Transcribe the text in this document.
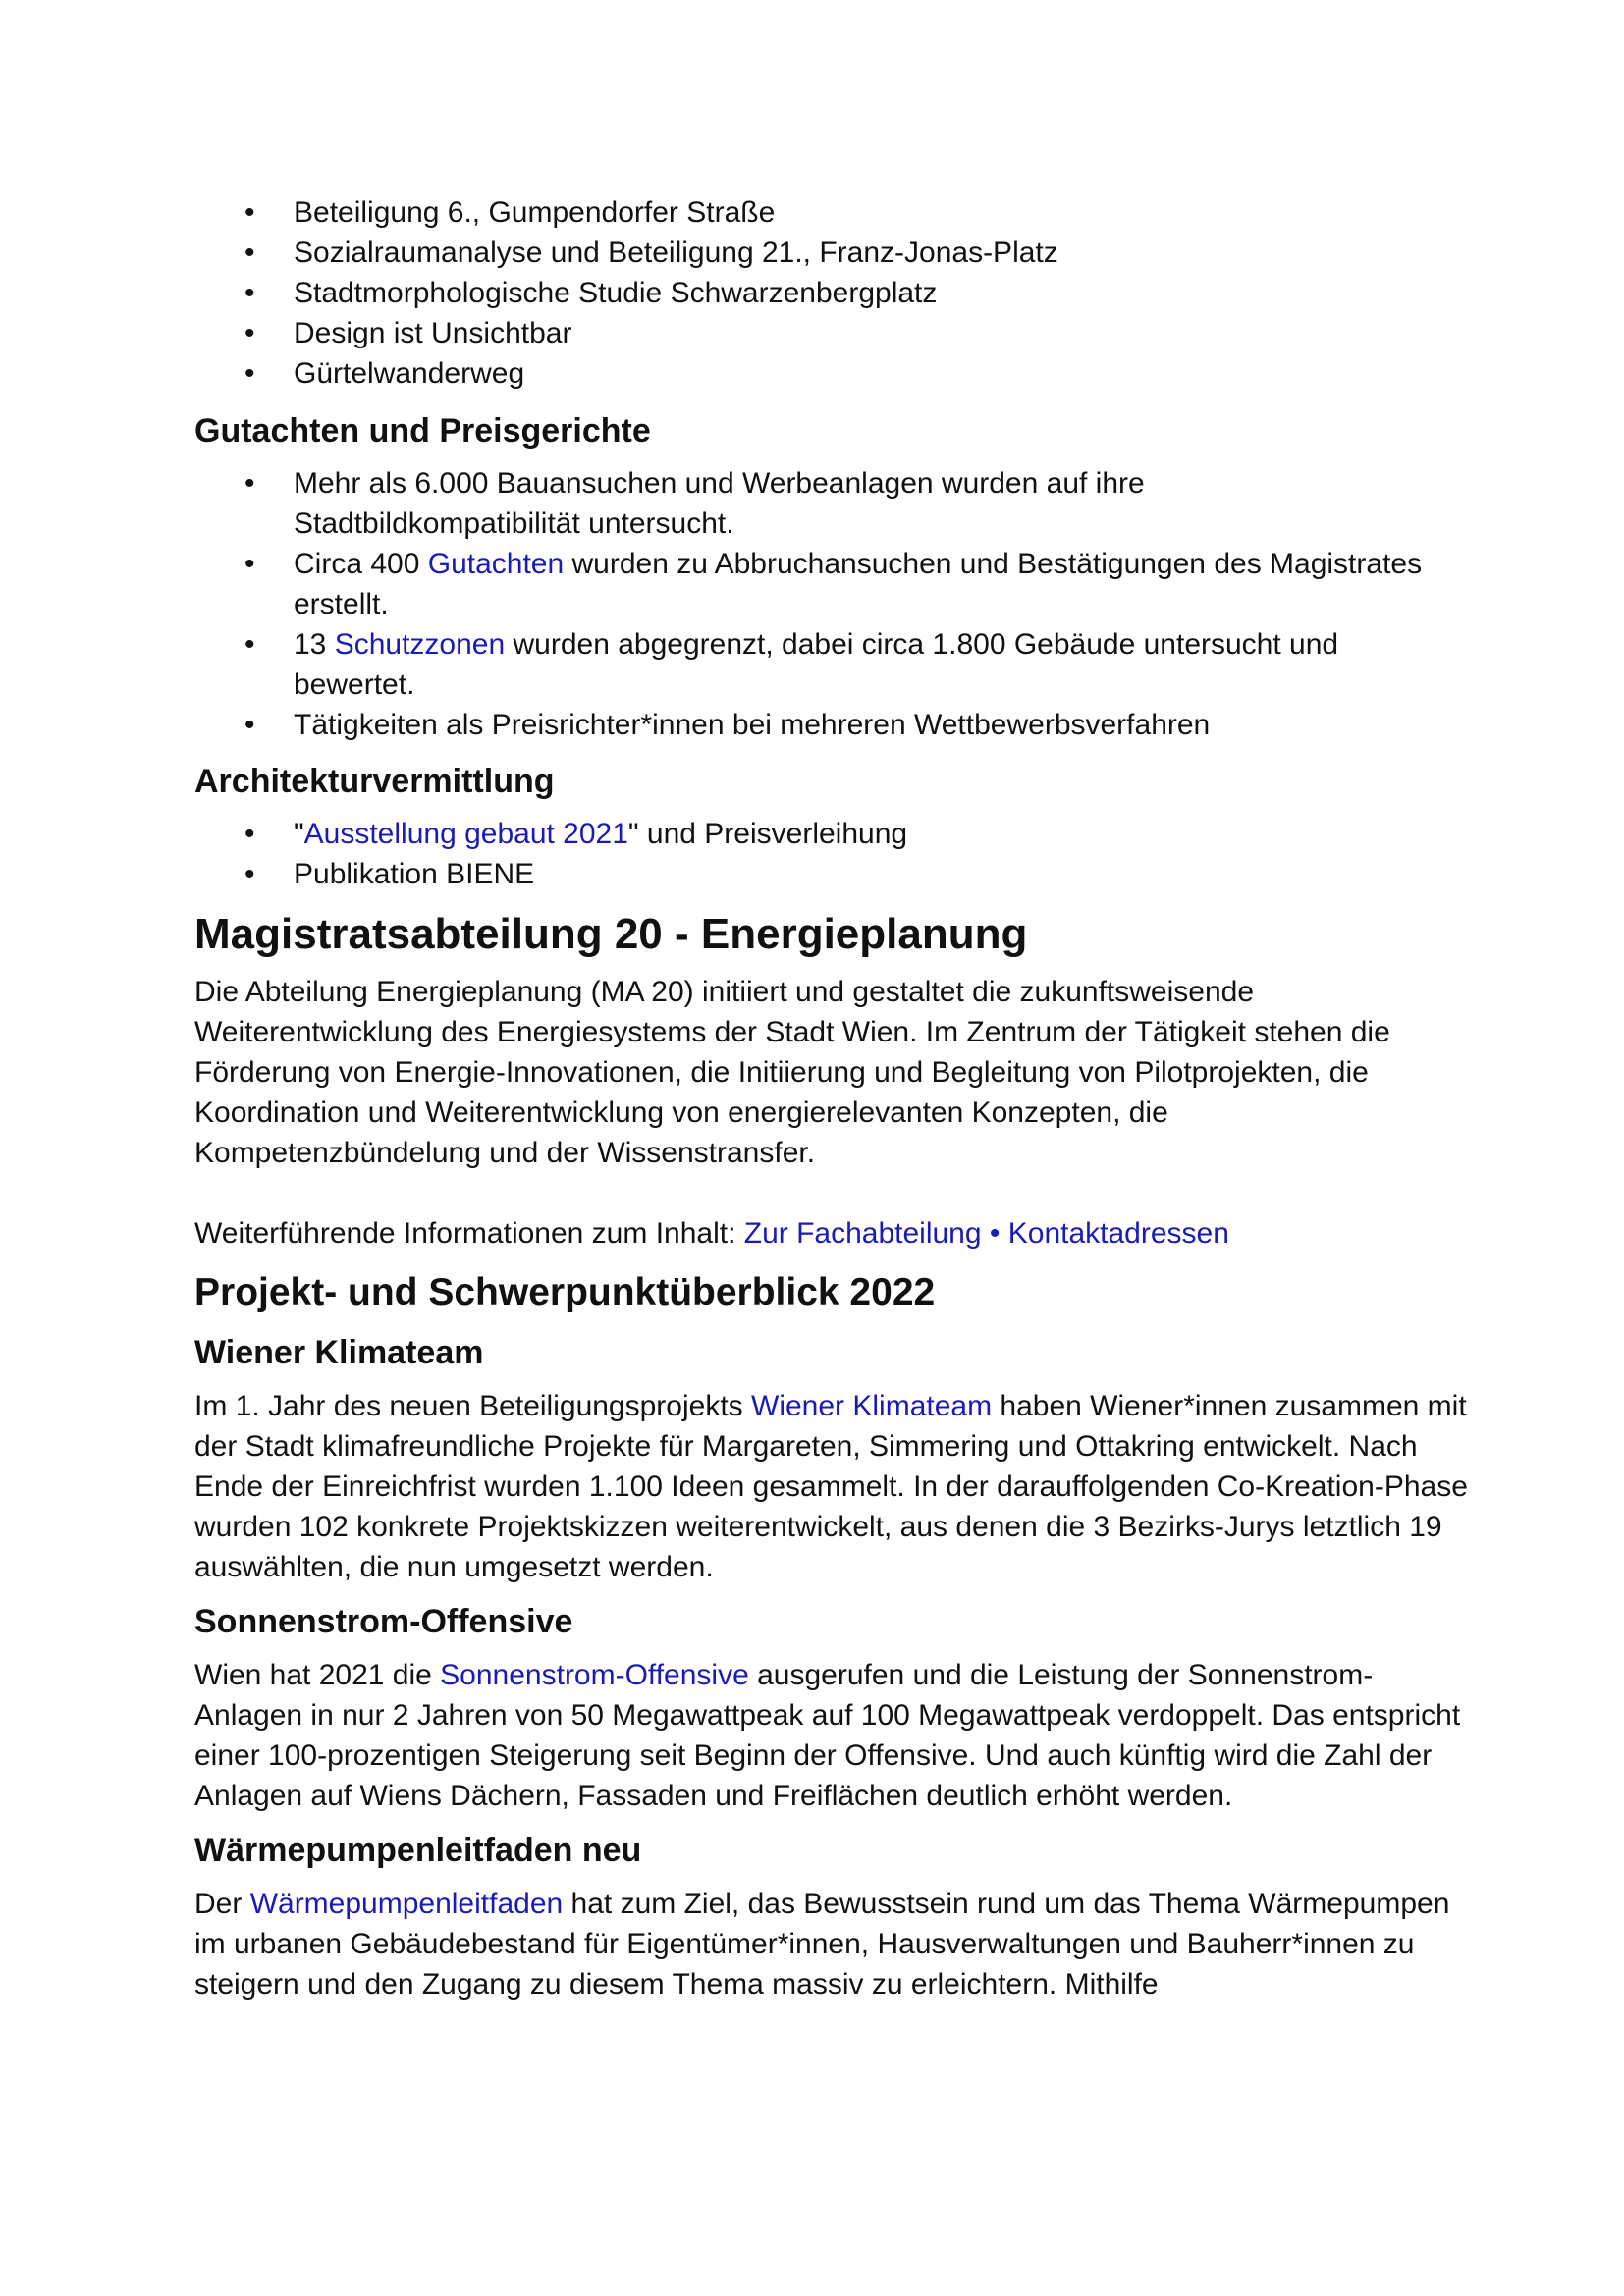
• Beteiligung 6., Gumpendorfer Straße
• Sozialraumanalyse und Beteiligung 21., Franz-Jonas-Platz
• Stadtmorphologische Studie Schwarzenbergplatz
• Design ist Unsichtbar
• Gürtelwanderweg
Gutachten und Preisgerichte
• Mehr als 6.000 Bauansuchen und Werbeanlagen wurden auf ihre Stadtbildkompatibilität untersucht.
• Circa 400 Gutachten wurden zu Abbruchansuchen und Bestätigungen des Magistrates erstellt.
• 13 Schutzzonen wurden abgegrenzt, dabei circa 1.800 Gebäude untersucht und bewertet.
• Tätigkeiten als Preisrichter*innen bei mehreren Wettbewerbsverfahren
Architekturvermittlung
• "Ausstellung gebaut 2021" und Preisverleihung
• Publikation BIENE
Magistratsabteilung 20 - Energieplanung

Die Abteilung Energieplanung (MA 20) initiiert und gestaltet die zukunftsweisende Weiterentwicklung des Energiesystems der Stadt Wien. Im Zentrum der Tätigkeit stehen die Förderung von Energie-Innovationen, die Initiierung und Begleitung von Pilotprojekten, die Koordination und Weiterentwicklung von energierelevanten Konzepten, die Kompetenzbündelung und der Wissenstransfer.

Weiterführende Informationen zum Inhalt: Zur Fachabteilung • Kontaktadressen

Projekt- und Schwerpunktüberblick 2022
Wiener Klimateam

Im 1. Jahr des neuen Beteiligungsprojekts Wiener Klimateam haben Wiener*innen zusammen mit der Stadt klimafreundliche Projekte für Margareten, Simmering und Ottakring entwickelt. Nach Ende der Einreichfrist wurden 1.100 Ideen gesammelt. In der darauffolgenden Co-Kreation-Phase wurden 102 konkrete Projektskizzen weiterentwickelt, aus denen die 3 Bezirks-Jurys letztlich 19 auswählten, die nun umgesetzt werden.

Sonnenstrom-Offensive

Wien hat 2021 die Sonnenstrom-Offensive ausgerufen und die Leistung der Sonnenstrom-Anlagen in nur 2 Jahren von 50 Megawattpeak auf 100 Megawattpeak verdoppelt. Das entspricht einer 100-prozentigen Steigerung seit Beginn der Offensive. Und auch künftig wird die Zahl der Anlagen auf Wiens Dächern, Fassaden und Freiflächen deutlich erhöht werden.

Wärmepumpenleitfaden neu

Der Wärmepumpenleitfaden hat zum Ziel, das Bewusstsein rund um das Thema Wärmepumpen im urbanen Gebäudebestand für Eigentümer*innen, Hausverwaltungen und Bauherr*innen zu steigern und den Zugang zu diesem Thema massiv zu erleichtern. Mithilfe
